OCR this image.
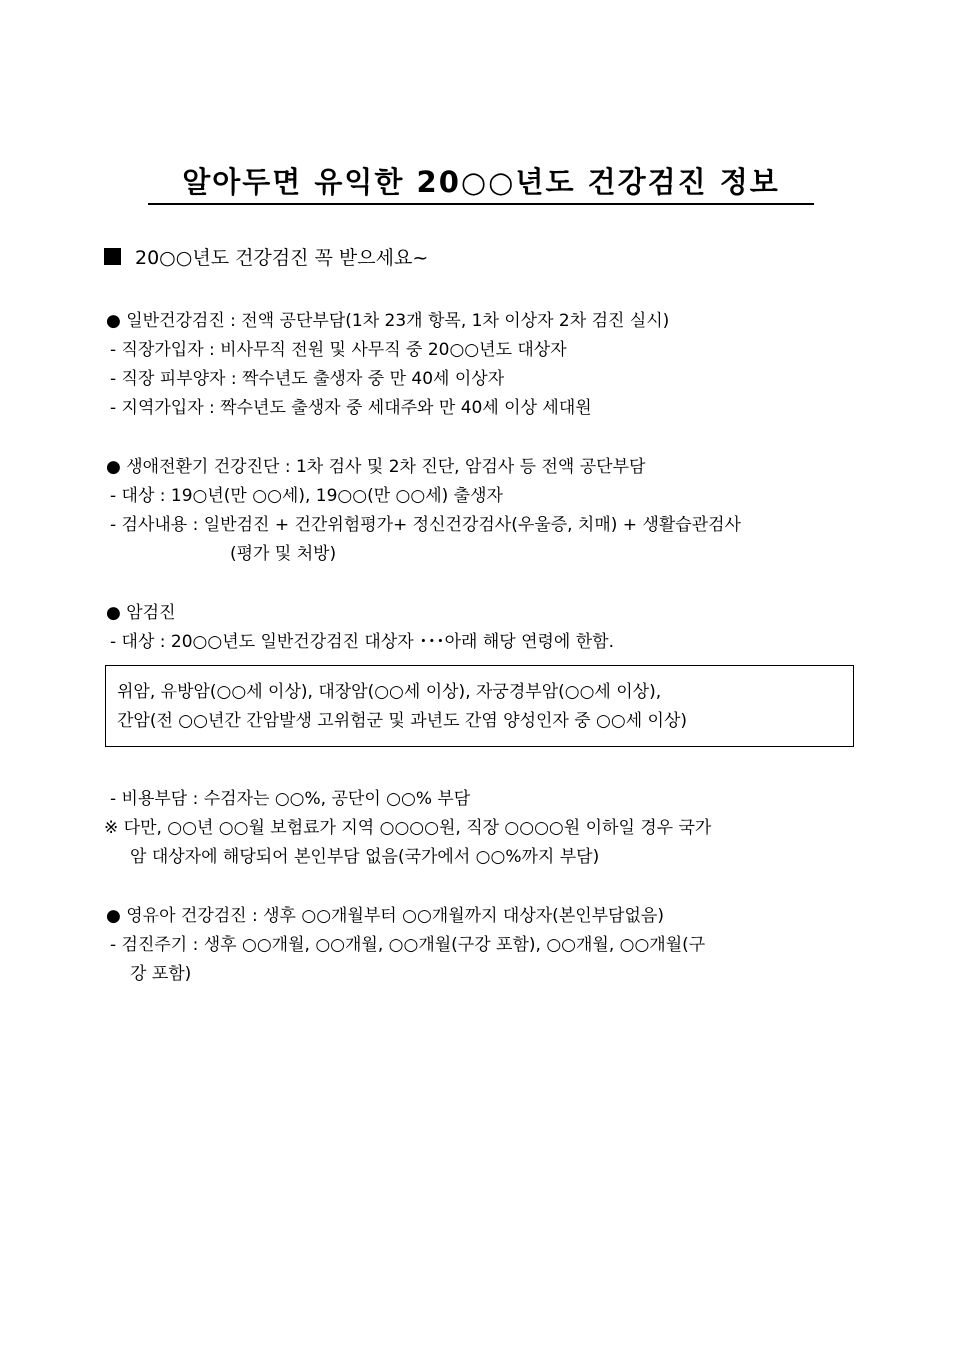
알아두면 유익한 20○○년도 건강검진 정보
20○○년도 건강검진 꼭 받으세요~
● 일반건강검진 : 전액 공단부담(1차 23개 항목, 1차 이상자 2차 검진 실시)
- 직장가입자 : 비사무직 전원 및 사무직 중 20○○년도 대상자
- 직장 피부양자 : 짝수년도 출생자 중 만 40세 이상자
- 지역가입자 : 짝수년도 출생자 중 세대주와 만 40세 이상 세대원
● 생애전환기 건강진단 : 1차 검사 및 2차 진단, 암검사 등 전액 공단부담
- 대상 : 19○년(만 ○○세), 19○○(만 ○○세) 출생자
- 검사내용 : 일반검진 + 건간위험평가+ 정신건강검사(우울증, 치매) + 생활습관검사
(평가 및 처방)
● 암검진
- 대상 : 20○○년도 일반건강검진 대상자 ･･･아래 해당 연령에 한함.
위암, 유방암(○○세 이상), 대장암(○○세 이상), 자궁경부암(○○세 이상),
간암(전 ○○년간 간암발생 고위험군 및 과년도 간염 양성인자 중 ○○세 이상)
- 비용부담 : 수검자는 ○○%, 공단이 ○○% 부담
※ 다만, ○○년 ○○월 보험료가 지역 ○○○○원, 직장 ○○○○원 이하일 경우 국가
암 대상자에 해당되어 본인부담 없음(국가에서 ○○%까지 부담)
● 영유아 건강검진 : 생후 ○○개월부터 ○○개월까지 대상자(본인부담없음)
- 검진주기 : 생후 ○○개월, ○○개월, ○○개월(구강 포함), ○○개월, ○○개월(구
강 포함)
